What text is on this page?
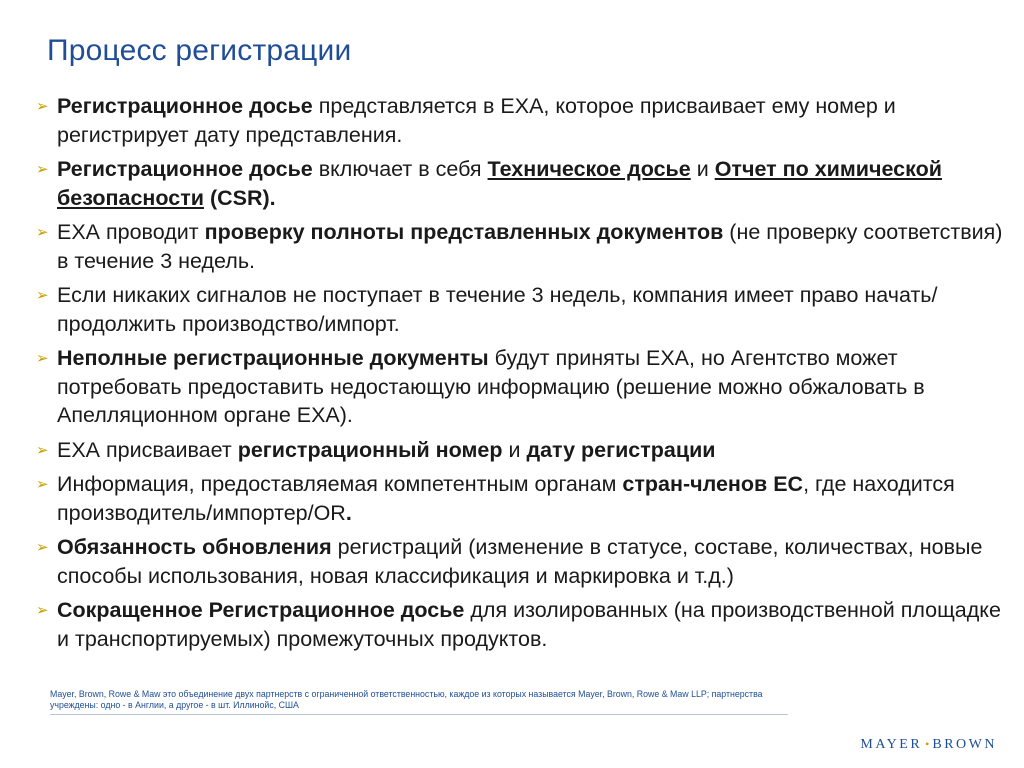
Процесс регистрации
➢ Регистрационное досье представляется в ЕХА, которое присваивает ему номер и регистрирует дату представления.
➢ Регистрационное досье включает в себя Техническое досье и Отчет по химической безопасности (CSR).
➢ ЕХА проводит проверку полноты представленных документов (не проверку соответствия) в течение 3 недель.
➢ Если никаких сигналов не поступает в течение 3 недель, компания имеет право начать/продолжить производство/импорт.
➢ Неполные регистрационные документы будут приняты ЕХА, но Агентство может потребовать предоставить недостающую информацию (решение можно обжаловать в Апелляционном органе ЕХА).
➢ ЕХА присваивает регистрационный номер и дату регистрации
➢ Информация, предоставляемая компетентным органам стран-членов ЕС, где находится производитель/импортер/OR.
➢ Обязанность обновления регистраций (изменение в статусе, составе, количествах, новые способы использования, новая классификация и маркировка и т.д.)
➢ Сокращенное Регистрационное досье для изолированных (на производственной площадке и транспортируемых) промежуточных продуктов.
Mayer, Brown, Rowe & Maw это объединение двух партнерств с ограниченной ответственностью, каждое из которых называется Mayer, Brown, Rowe & Maw LLP; партнерства учреждены: одно - в Англии, а другое - в шт. Иллинойс, США
MAYER • BROWN
